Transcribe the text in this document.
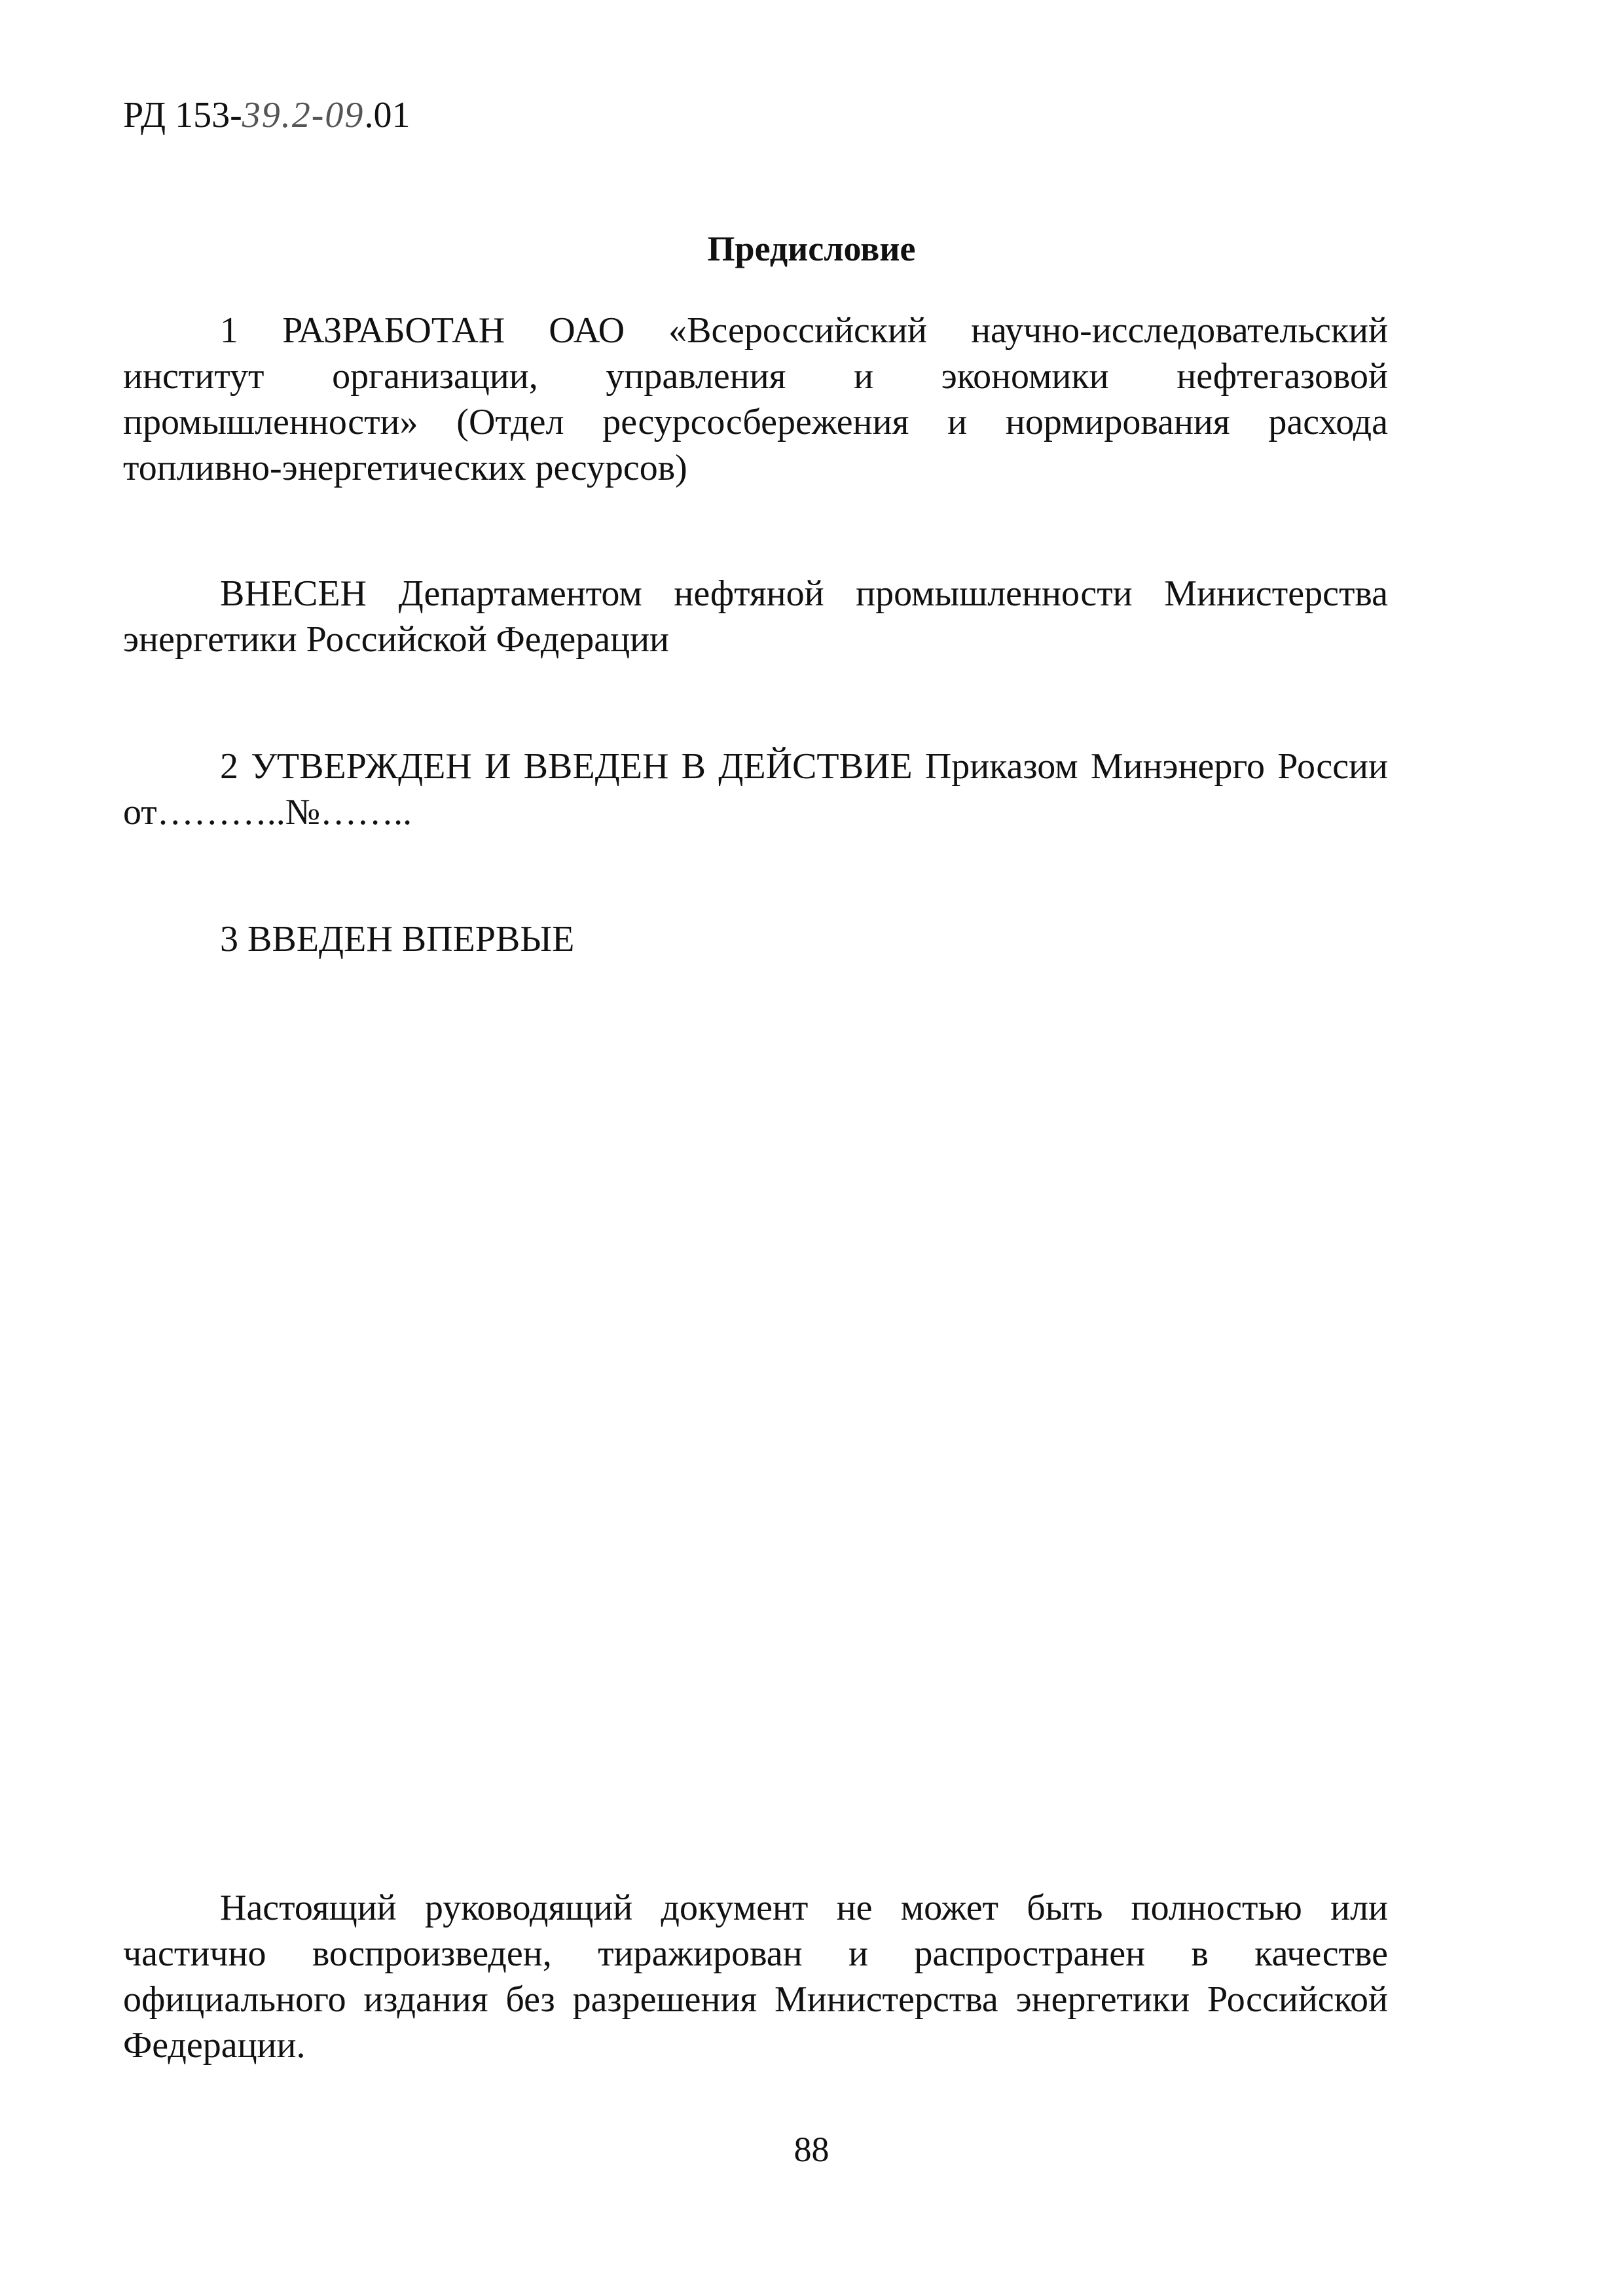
РД 153-39.2-09.01
Предисловие

1 РАЗРАБОТАН ОАО «Всероссийский научно-исследовательский институт организации, управления и экономики нефтегазовой промышленности» (Отдел ресурсосбережения и нормирования расхода топливно-энергетических ресурсов)

ВНЕСЕН Департаментом нефтяной промышленности Министерства энергетики Российской Федерации

2 УТВЕРЖДЕН И ВВЕДЕН В ДЕЙСТВИЕ Приказом Минэнерго России от………..№……..

3 ВВЕДЕН ВПЕРВЫЕ

Настоящий руководящий документ не может быть полностью или частично воспроизведен, тиражирован и распространен в качестве официального издания без разрешения Министерства энергетики Российской Федерации.

88
